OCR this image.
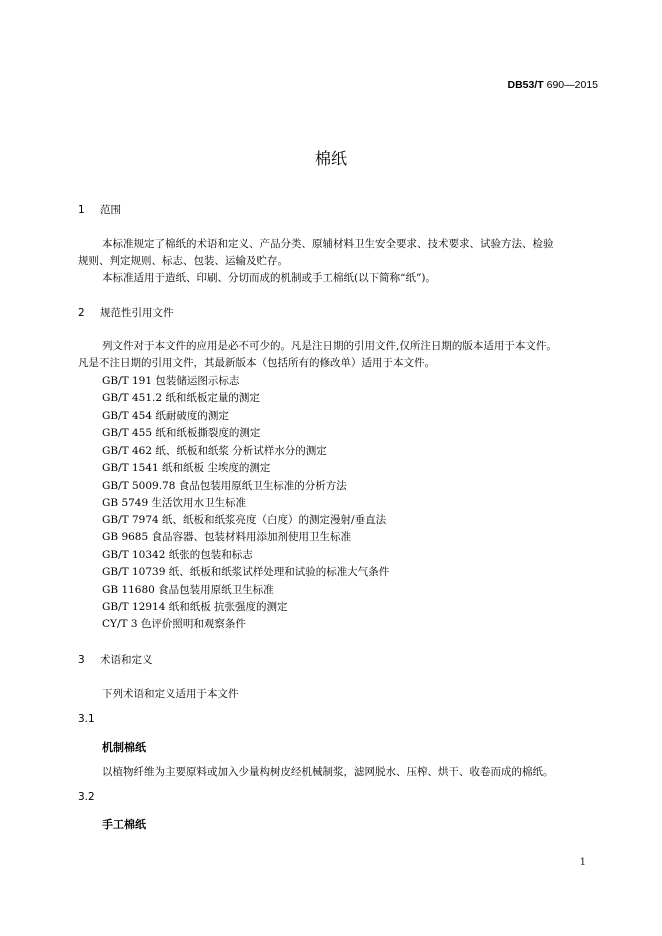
DB53/T 690—2015
棉纸
1 范围
本标准规定了棉纸的术语和定义、产品分类、原辅材料卫生安全要求、技术要求、试验方法、检验
规则、判定规则、标志、包装、运输及贮存。
本标准适用于造纸、印刷、分切而成的机制或手工棉纸(以下简称“纸”)。
2 规范性引用文件
列文件对于本文件的应用是必不可少的。凡是注日期的引用文件,仅所注日期的版本适用于本文件。
凡是不注日期的引用文件，其最新版本（包括所有的修改单）适用于本文件。
GB/T 191 包装储运图示标志
GB/T 451.2 纸和纸板定量的测定
GB/T 454 纸耐破度的测定
GB/T 455 纸和纸板撕裂度的测定
GB/T 462 纸、纸板和纸浆 分析试样水分的测定
GB/T 1541 纸和纸板 尘埃度的测定
GB/T 5009.78 食品包装用原纸卫生标准的分析方法
GB 5749 生活饮用水卫生标准
GB/T 7974 纸、纸板和纸浆亮度（白度）的测定漫射/垂直法
GB 9685 食品容器、包装材料用添加剂使用卫生标准
GB/T 10342 纸张的包装和标志
GB/T 10739 纸、纸板和纸浆试样处理和试验的标准大气条件
GB 11680 食品包装用原纸卫生标准
GB/T 12914 纸和纸板 抗张强度的测定
CY/T 3 色评价照明和观察条件
3 术语和定义
下列术语和定义适用于本文件
3.1
机制棉纸
以植物纤维为主要原料或加入少量构树皮经机械制浆，滤网脱水、压榨、烘干、收卷而成的棉纸。
3.2
手工棉纸
1
